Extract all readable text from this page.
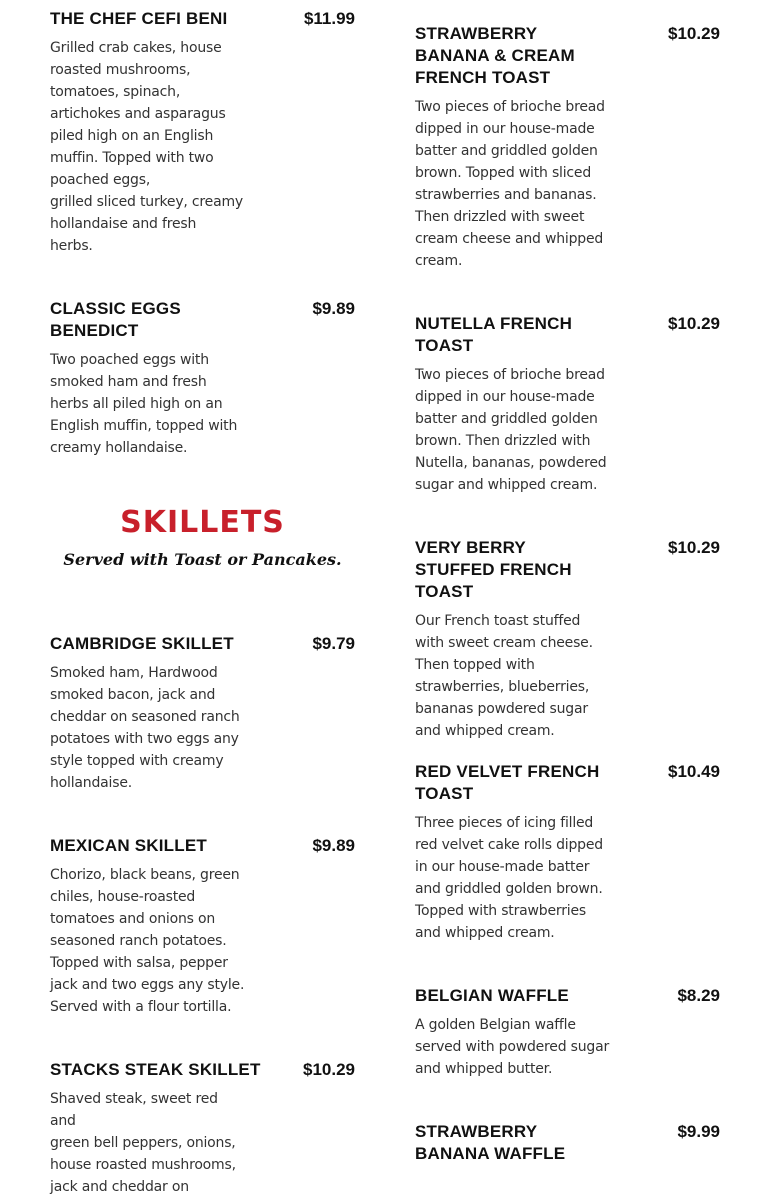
THE CHEF CEFI BENI	$11.99
Grilled crab cakes, house
roasted mushrooms,
tomatoes, spinach,
artichokes and asparagus
piled high on an English
muffin. Topped with two
poached eggs,
grilled sliced turkey, creamy
hollandaise and fresh
herbs.
CLASSIC EGGS BENEDICT
$9.89
Two poached eggs with
smoked ham and fresh
herbs all piled high on an
English muffin, topped with
creamy hollandaise.
SKILLETS
Served with Toast or Pancakes.
CAMBRIDGE SKILLET	$9.79
Smoked ham, Hardwood
smoked bacon, jack and
cheddar on seasoned ranch
potatoes with two eggs any
style topped with creamy
hollandaise.
MEXICAN SKILLET	$9.89
Chorizo, black beans, green
chiles, house-roasted
tomatoes and onions on
seasoned ranch potatoes.
Topped with salsa, pepper
jack and two eggs any style.
Served with a flour tortilla.
STACKS STEAK SKILLET	$10.29
Shaved steak, sweet red and
green bell peppers, onions,
house roasted mushrooms,
jack and cheddar on
STRAWBERRY BANANA & CREAM FRENCH TOAST
$10.29
Two pieces of brioche bread
dipped in our house-made
batter and griddled golden
brown. Topped with sliced
strawberries and bananas.
Then drizzled with sweet
cream cheese and whipped
cream.
NUTELLA FRENCH TOAST
$10.29
Two pieces of brioche bread
dipped in our house-made
batter and griddled golden
brown. Then drizzled with
Nutella, bananas, powdered
sugar and whipped cream.
VERY BERRY STUFFED FRENCH TOAST
$10.29
Our French toast stuffed
with sweet cream cheese.
Then topped with
strawberries, blueberries,
bananas powdered sugar
and whipped cream.
RED VELVET FRENCH TOAST
$10.49
Three pieces of icing filled
red velvet cake rolls dipped
in our house-made batter
and griddled golden brown.
Topped with strawberries
and whipped cream.
BELGIAN WAFFLE	$8.29
A golden Belgian waffle
served with powdered sugar
and whipped butter.
STRAWBERRY BANANA WAFFLE
$9.99
